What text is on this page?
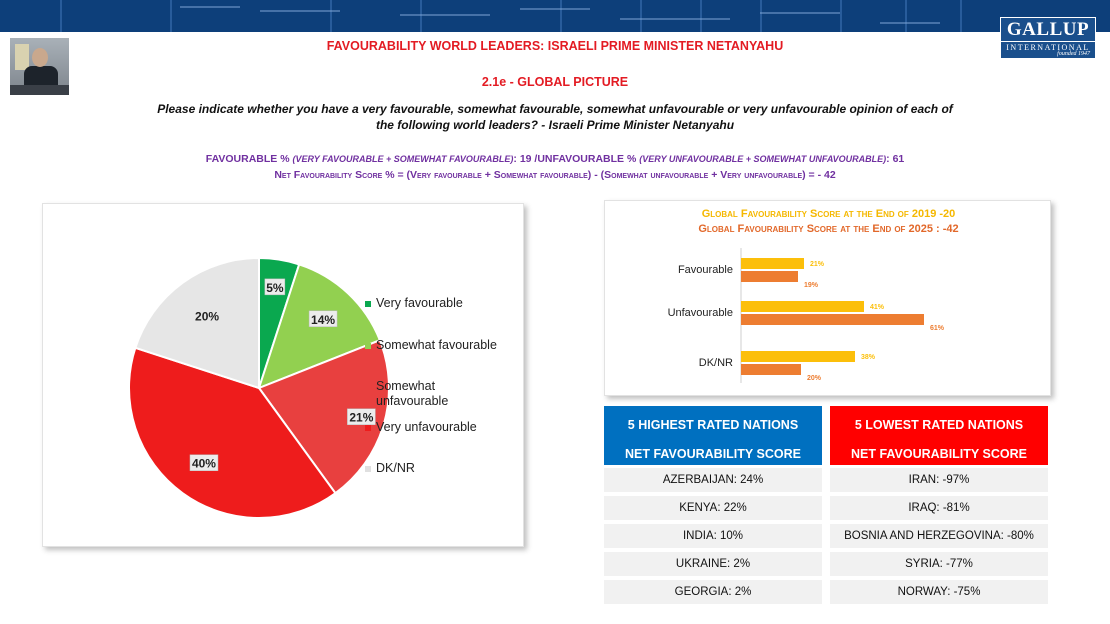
GALLUP
INTERNATIONAL
founded 1947
FAVOURABILITY WORLD LEADERS: ISRAELI PRIME MINISTER NETANYAHU
2.1e - GLOBAL PICTURE
Please indicate whether you have a very favourable, somewhat favourable, somewhat unfavourable or very unfavourable opinion of each of
the following world leaders? - Israeli Prime Minister Netanyahu
FAVOURABLE % (VERY FAVOURABLE + SOMEWHAT FAVOURABLE): 19 /UNFAVOURABLE % (VERY UNFAVOURABLE + SOMEWHAT UNFAVOURABLE): 61
Net Favourability Score % = (Very favourable + Somewhat favourable) - (Somewhat unfavourable + Very unfavourable) = - 42
5%
14%
21%
40%
20%
Very favourable
Somewhat favourable
Somewhat unfavourable
Very unfavourable
DK/NR
Global Favourability Score at the End of 2019 -20
Global Favourability Score at the End of 2025 : -42
Favourable	21%
19%
Unfavourable	41%
61%
DK/NR	38%
20%
5 HIGHEST RATED NATIONS
NET FAVOURABILITY SCORE
AZERBAIJAN: 24%
KENYA: 22%
INDIA: 10%
UKRAINE: 2%
GEORGIA: 2%
5 LOWEST RATED NATIONS
NET FAVOURABILITY SCORE
IRAN: -97%
IRAQ: -81%
BOSNIA AND HERZEGOVINA: -80%
SYRIA: -77%
NORWAY: -75%
